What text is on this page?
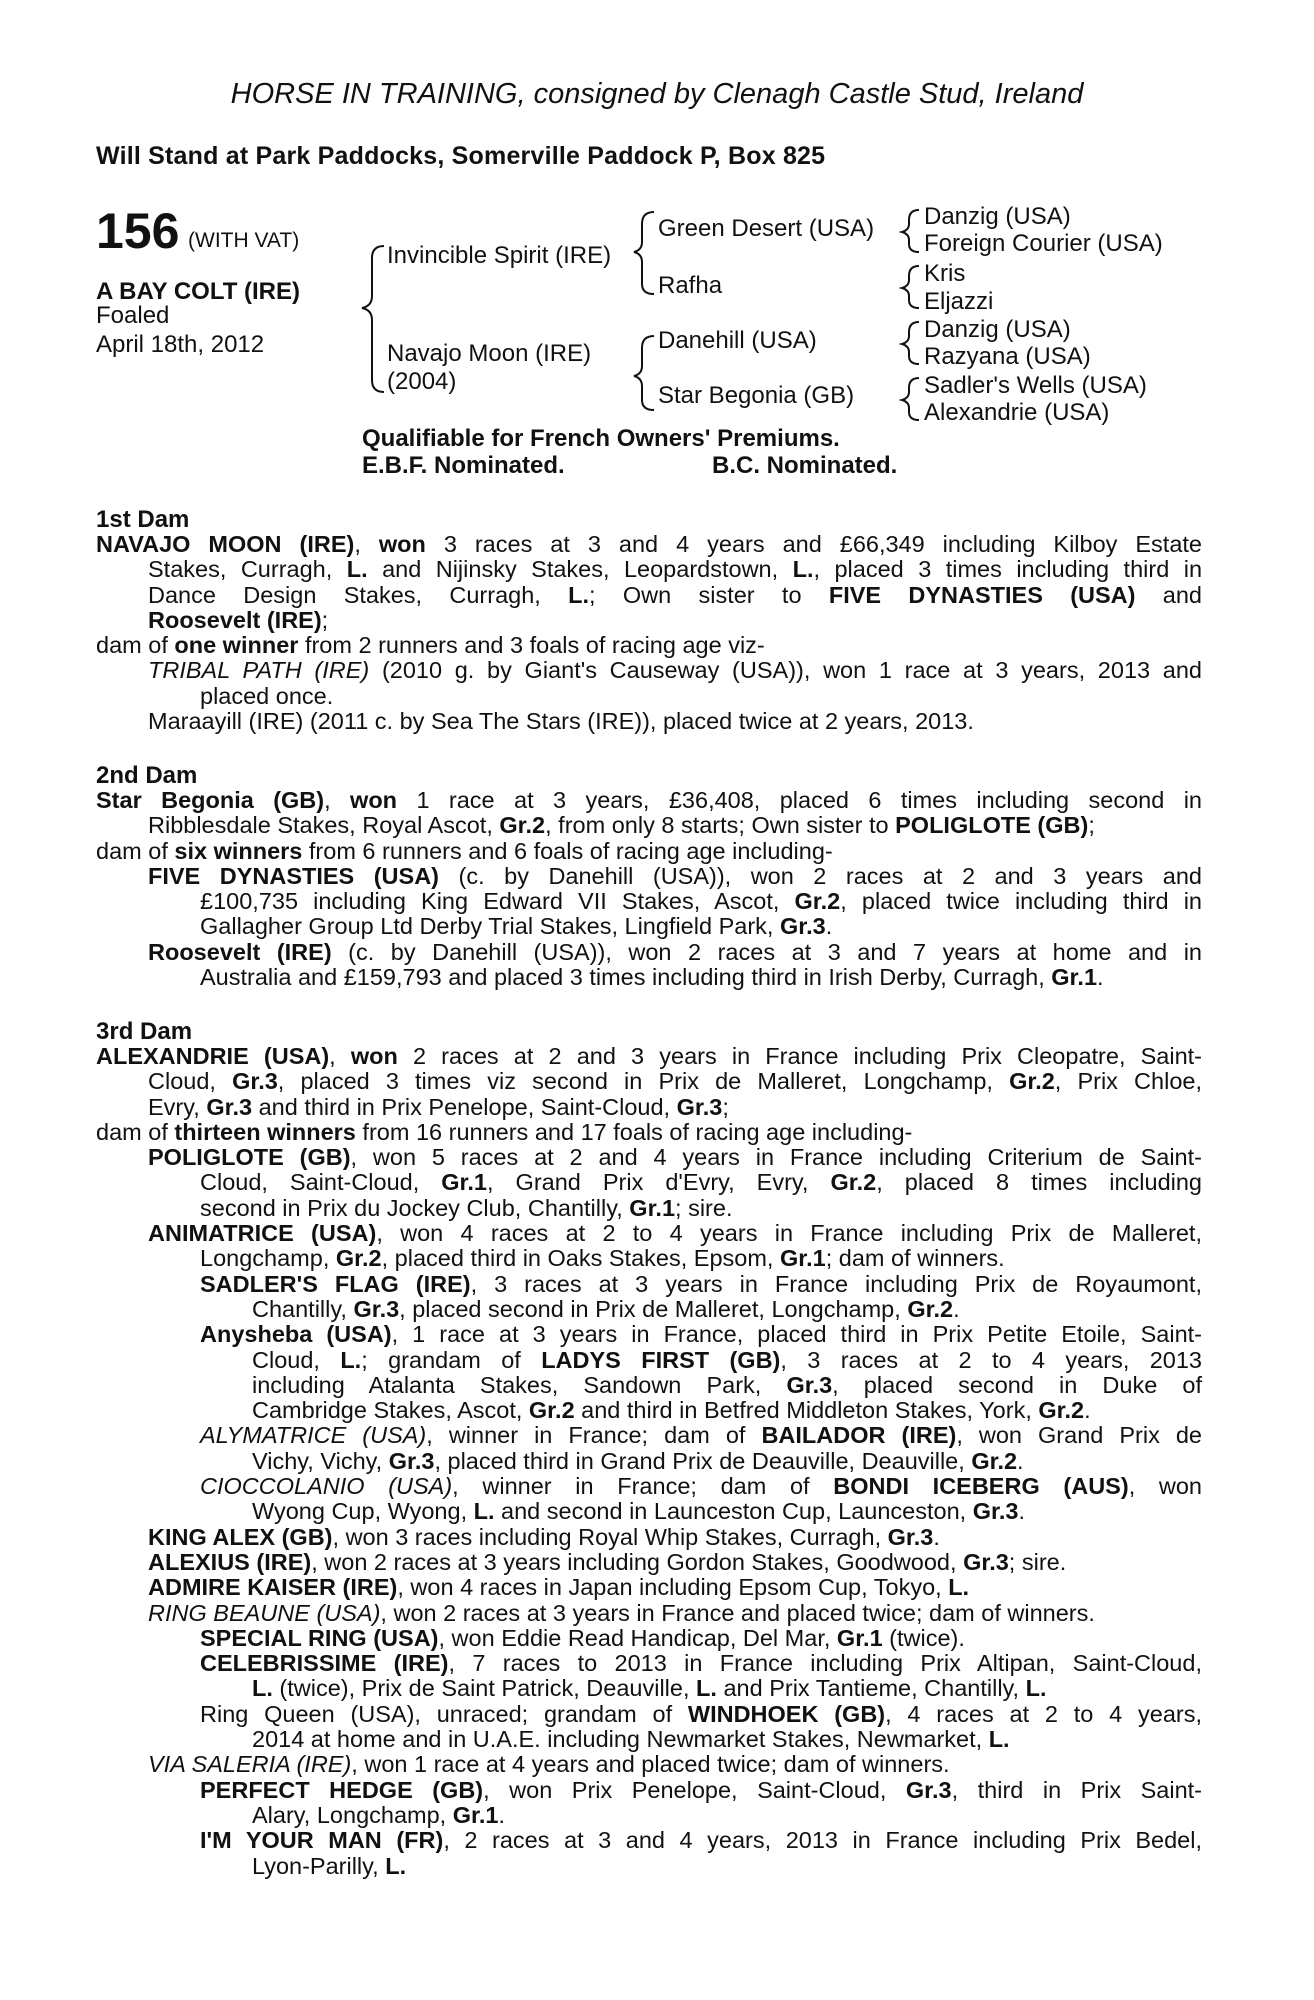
HORSE IN TRAINING, consigned by Clenagh Castle Stud, Ireland
Will Stand at Park Paddocks, Somerville Paddock P, Box 825
156 (WITH VAT)
A BAY COLT (IRE)
Foaled
April 18th, 2012
Invincible Spirit (IRE)
Navajo Moon (IRE)
(2004)
Green Desert (USA)
Rafha
Danehill (USA)
Star Begonia (GB)
Danzig (USA)
Foreign Courier (USA)
Kris
Eljazzi
Danzig (USA)
Razyana (USA)
Sadler's Wells (USA)
Alexandrie (USA)
Qualifiable for French Owners' Premiums.
E.B.F. Nominated.	B.C. Nominated.
1st Dam
NAVAJO MOON (IRE), won 3 races at 3 and 4 years and £66,349 including Kilboy Estate
Stakes, Curragh, L. and Nijinsky Stakes, Leopardstown, L., placed 3 times including third in
Dance Design Stakes, Curragh, L.; Own sister to FIVE DYNASTIES (USA) and
Roosevelt (IRE);
dam of one winner from 2 runners and 3 foals of racing age viz-
TRIBAL PATH (IRE) (2010 g. by Giant's Causeway (USA)), won 1 race at 3 years, 2013 and
placed once.
Maraayill (IRE) (2011 c. by Sea The Stars (IRE)), placed twice at 2 years, 2013.
2nd Dam
Star Begonia (GB), won 1 race at 3 years, £36,408, placed 6 times including second in
Ribblesdale Stakes, Royal Ascot, Gr.2, from only 8 starts; Own sister to POLIGLOTE (GB);
dam of six winners from 6 runners and 6 foals of racing age including-
FIVE DYNASTIES (USA) (c. by Danehill (USA)), won 2 races at 2 and 3 years and
£100,735 including King Edward VII Stakes, Ascot, Gr.2, placed twice including third in
Gallagher Group Ltd Derby Trial Stakes, Lingfield Park, Gr.3.
Roosevelt (IRE) (c. by Danehill (USA)), won 2 races at 3 and 7 years at home and in
Australia and £159,793 and placed 3 times including third in Irish Derby, Curragh, Gr.1.
3rd Dam
ALEXANDRIE (USA), won 2 races at 2 and 3 years in France including Prix Cleopatre, Saint-
Cloud, Gr.3, placed 3 times viz second in Prix de Malleret, Longchamp, Gr.2, Prix Chloe,
Evry, Gr.3 and third in Prix Penelope, Saint-Cloud, Gr.3;
dam of thirteen winners from 16 runners and 17 foals of racing age including-
POLIGLOTE (GB), won 5 races at 2 and 4 years in France including Criterium de Saint-
Cloud, Saint-Cloud, Gr.1, Grand Prix d'Evry, Evry, Gr.2, placed 8 times including
second in Prix du Jockey Club, Chantilly, Gr.1; sire.
ANIMATRICE (USA), won 4 races at 2 to 4 years in France including Prix de Malleret,
Longchamp, Gr.2, placed third in Oaks Stakes, Epsom, Gr.1; dam of winners.
SADLER'S FLAG (IRE), 3 races at 3 years in France including Prix de Royaumont,
Chantilly, Gr.3, placed second in Prix de Malleret, Longchamp, Gr.2.
Anysheba (USA), 1 race at 3 years in France, placed third in Prix Petite Etoile, Saint-
Cloud, L.; grandam of LADYS FIRST (GB), 3 races at 2 to 4 years, 2013
including Atalanta Stakes, Sandown Park, Gr.3, placed second in Duke of
Cambridge Stakes, Ascot, Gr.2 and third in Betfred Middleton Stakes, York, Gr.2.
ALYMATRICE (USA), winner in France; dam of BAILADOR (IRE), won Grand Prix de
Vichy, Vichy, Gr.3, placed third in Grand Prix de Deauville, Deauville, Gr.2.
CIOCCOLANIO (USA), winner in France; dam of BONDI ICEBERG (AUS), won
Wyong Cup, Wyong, L. and second in Launceston Cup, Launceston, Gr.3.
KING ALEX (GB), won 3 races including Royal Whip Stakes, Curragh, Gr.3.
ALEXIUS (IRE), won 2 races at 3 years including Gordon Stakes, Goodwood, Gr.3; sire.
ADMIRE KAISER (IRE), won 4 races in Japan including Epsom Cup, Tokyo, L.
RING BEAUNE (USA), won 2 races at 3 years in France and placed twice; dam of winners.
SPECIAL RING (USA), won Eddie Read Handicap, Del Mar, Gr.1 (twice).
CELEBRISSIME (IRE), 7 races to 2013 in France including Prix Altipan, Saint-Cloud,
L. (twice), Prix de Saint Patrick, Deauville, L. and Prix Tantieme, Chantilly, L.
Ring Queen (USA), unraced; grandam of WINDHOEK (GB), 4 races at 2 to 4 years,
2014 at home and in U.A.E. including Newmarket Stakes, Newmarket, L.
VIA SALERIA (IRE), won 1 race at 4 years and placed twice; dam of winners.
PERFECT HEDGE (GB), won Prix Penelope, Saint-Cloud, Gr.3, third in Prix Saint-
Alary, Longchamp, Gr.1.
I'M YOUR MAN (FR), 2 races at 3 and 4 years, 2013 in France including Prix Bedel,
Lyon-Parilly, L.
